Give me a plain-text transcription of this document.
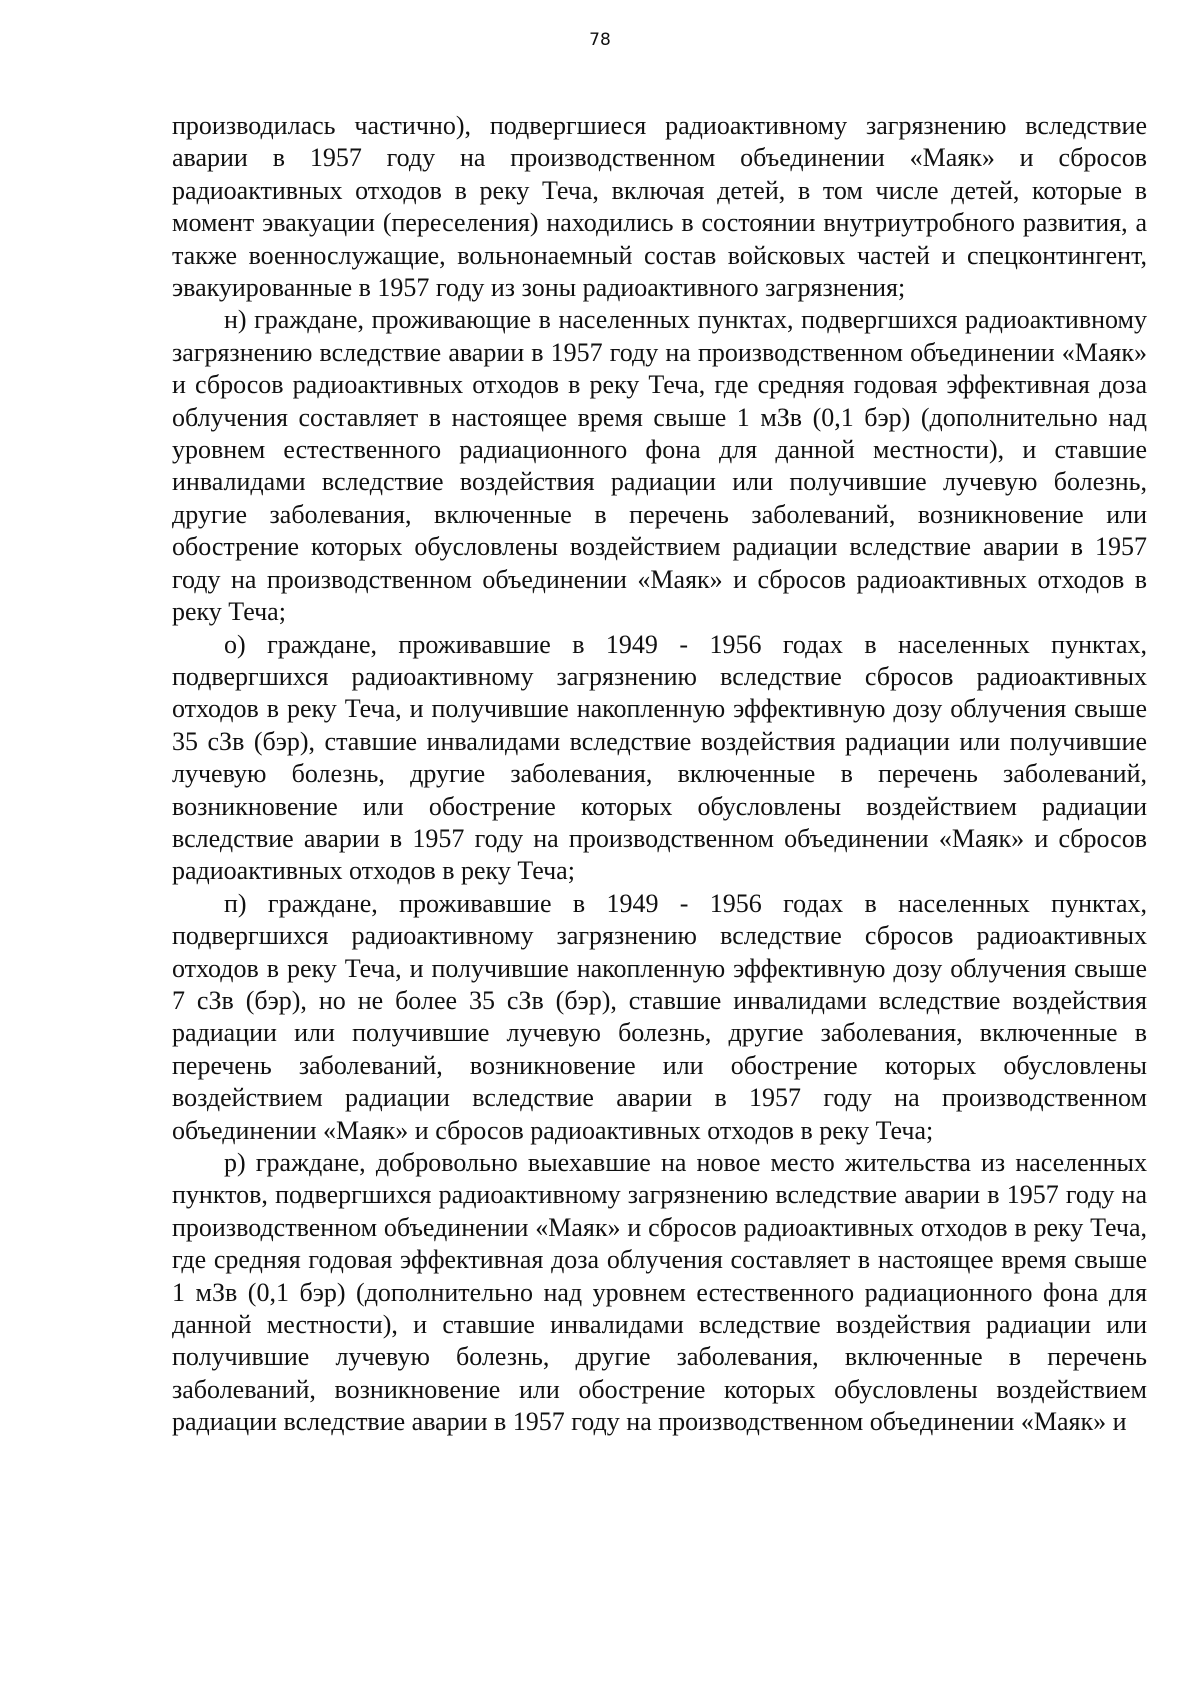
78

производилась частично), подвергшиеся радиоактивному загрязнению вследствие аварии в 1957 году на производственном объединении «Маяк» и сбросов радиоактивных отходов в реку Теча, включая детей, в том числе детей, которые в момент эвакуации (переселения) находились в состоянии внутриутробного развития, а также военнослужащие, вольнонаемный состав войсковых частей и спецконтингент, эвакуированные в 1957 году из зоны радиоактивного загрязнения;

н) граждане, проживающие в населенных пунктах, подвергшихся радиоактивному загрязнению вследствие аварии в 1957 году на производственном объединении «Маяк» и сбросов радиоактивных отходов в реку Теча, где средняя годовая эффективная доза облучения составляет в настоящее время свыше 1 мЗв (0,1 бэр) (дополнительно над уровнем естественного радиационного фона для данной местности), и ставшие инвалидами вследствие воздействия радиации или получившие лучевую болезнь, другие заболевания, включенные в перечень заболеваний, возникновение или обострение которых обусловлены воздействием радиации вследствие аварии в 1957 году на производственном объединении «Маяк» и сбросов радиоактивных отходов в реку Теча;

о) граждане, проживавшие в 1949 - 1956 годах в населенных пунктах, подвергшихся радиоактивному загрязнению вследствие сбросов радиоактивных отходов в реку Теча, и получившие накопленную эффективную дозу облучения свыше 35 сЗв (бэр), ставшие инвалидами вследствие воздействия радиации или получившие лучевую болезнь, другие заболевания, включенные в перечень заболеваний, возникновение или обострение которых обусловлены воздействием радиации вследствие аварии в 1957 году на производственном объединении «Маяк» и сбросов радиоактивных отходов в реку Теча;

п) граждане, проживавшие в 1949 - 1956 годах в населенных пунктах, подвергшихся радиоактивному загрязнению вследствие сбросов радиоактивных отходов в реку Теча, и получившие накопленную эффективную дозу облучения свыше 7 сЗв (бэр), но не более 35 сЗв (бэр), ставшие инвалидами вследствие воздействия радиации или получившие лучевую болезнь, другие заболевания, включенные в перечень заболеваний, возникновение или обострение которых обусловлены воздействием радиации вследствие аварии в 1957 году на производственном объединении «Маяк» и сбросов радиоактивных отходов в реку Теча;

р) граждане, добровольно выехавшие на новое место жительства из населенных пунктов, подвергшихся радиоактивному загрязнению вследствие аварии в 1957 году на производственном объединении «Маяк» и сбросов радиоактивных отходов в реку Теча, где средняя годовая эффективная доза облучения составляет в настоящее время свыше 1 мЗв (0,1 бэр) (дополнительно над уровнем естественного радиационного фона для данной местности), и ставшие инвалидами вследствие воздействия радиации или получившие лучевую болезнь, другие заболевания, включенные в перечень заболеваний, возникновение или обострение которых обусловлены воздействием радиации вследствие аварии в 1957 году на производственном объединении «Маяк» и
